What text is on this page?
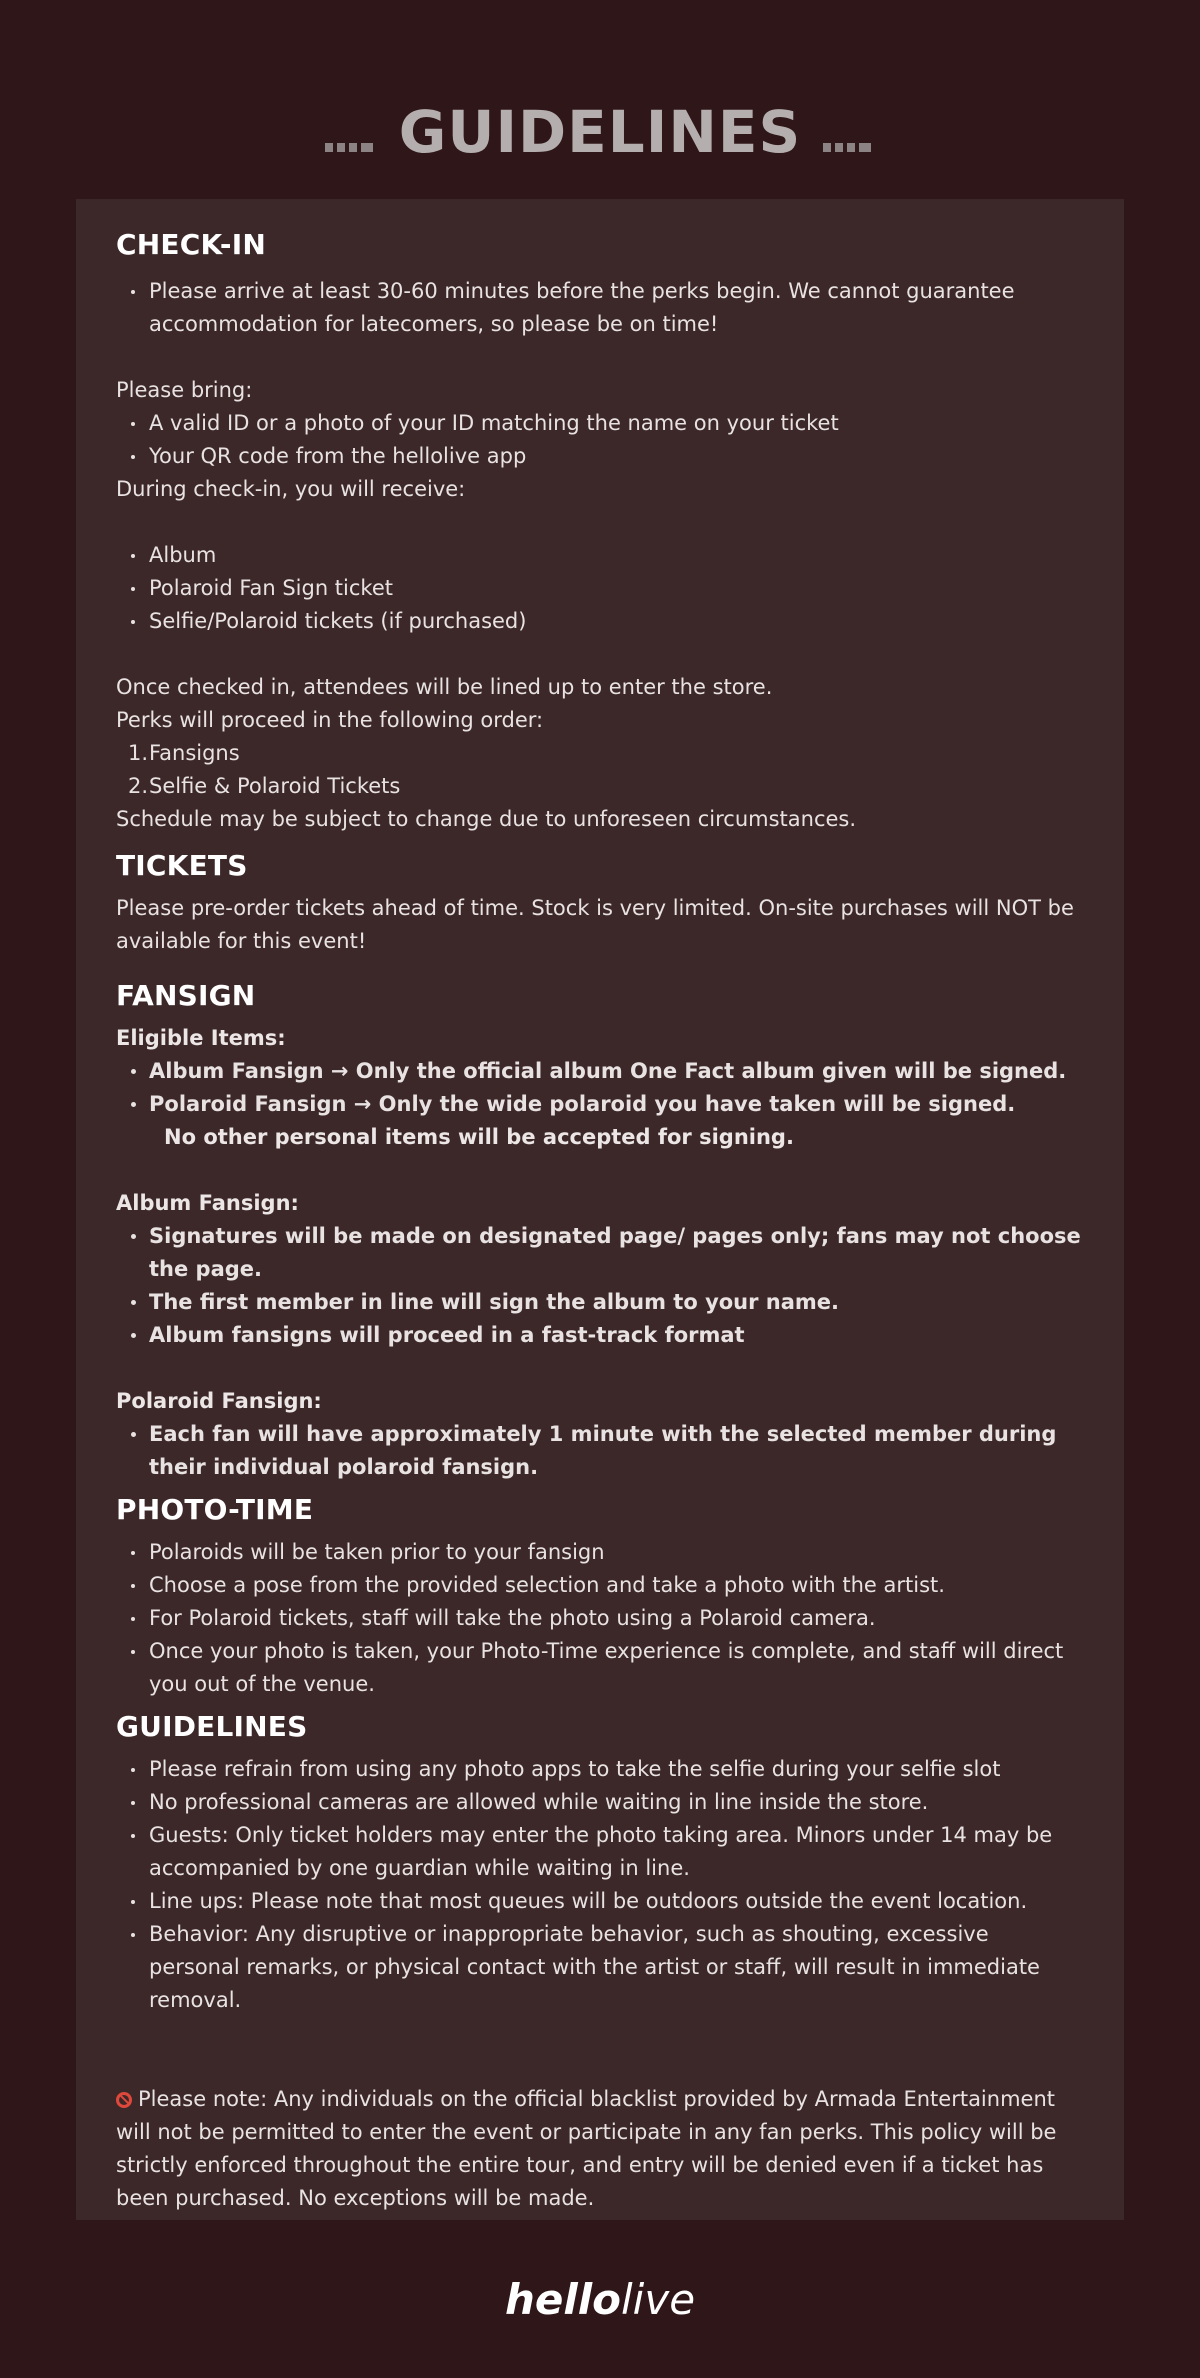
GUIDELINES
CHECK-IN
Please arrive at least 30-60 minutes before the perks begin. We cannot guarantee accommodation for latecomers, so please be on time!

Please bring:

A valid ID or a photo of your ID matching the name on your ticket
Your QR code from the hellolive app

During check-in, you will receive:

Album
Polaroid Fan Sign ticket
Selfie/Polaroid tickets (if purchased)

Once checked in, attendees will be lined up to enter the store.

Perks will proceed in the following order:

1. Fansigns
2. Selfie & Polaroid Tickets

Schedule may be subject to change due to unforeseen circumstances.

TICKETS

Please pre-order tickets ahead of time. Stock is very limited. On-site purchases will NOT be available for this event!

FANSIGN

Eligible Items:

Album Fansign → Only the official album One Fact album given will be signed.
Polaroid Fansign → Only the wide polaroid you have taken will be signed.
No other personal items will be accepted for signing.

Album Fansign:

Signatures will be made on designated page/ pages only; fans may not choose the page.
The first member in line will sign the album to your name.
Album fansigns will proceed in a fast-track format

Polaroid Fansign:

Each fan will have approximately 1 minute with the selected member during their individual polaroid fansign.
PHOTO-TIME
Polaroids will be taken prior to your fansign
Choose a pose from the provided selection and take a photo with the artist.
For Polaroid tickets, staff will take the photo using a Polaroid camera.
Once your photo is taken, your Photo-Time experience is complete, and staff will direct you out of the venue.
GUIDELINES
Please refrain from using any photo apps to take the selfie during your selfie slot
No professional cameras are allowed while waiting in line inside the store.
Guests: Only ticket holders may enter the photo taking area. Minors under 14 may be accompanied by one guardian while waiting in line.
Line ups: Please note that most queues will be outdoors outside the event location.
Behavior: Any disruptive or inappropriate behavior, such as shouting, excessive personal remarks, or physical contact with the artist or staff, will result in immediate removal.

Please note: Any individuals on the official blacklist provided by Armada Entertainment will not be permitted to enter the event or participate in any fan perks. This policy will be strictly enforced throughout the entire tour, and entry will be denied even if a ticket has been purchased. No exceptions will be made.

hellolive
